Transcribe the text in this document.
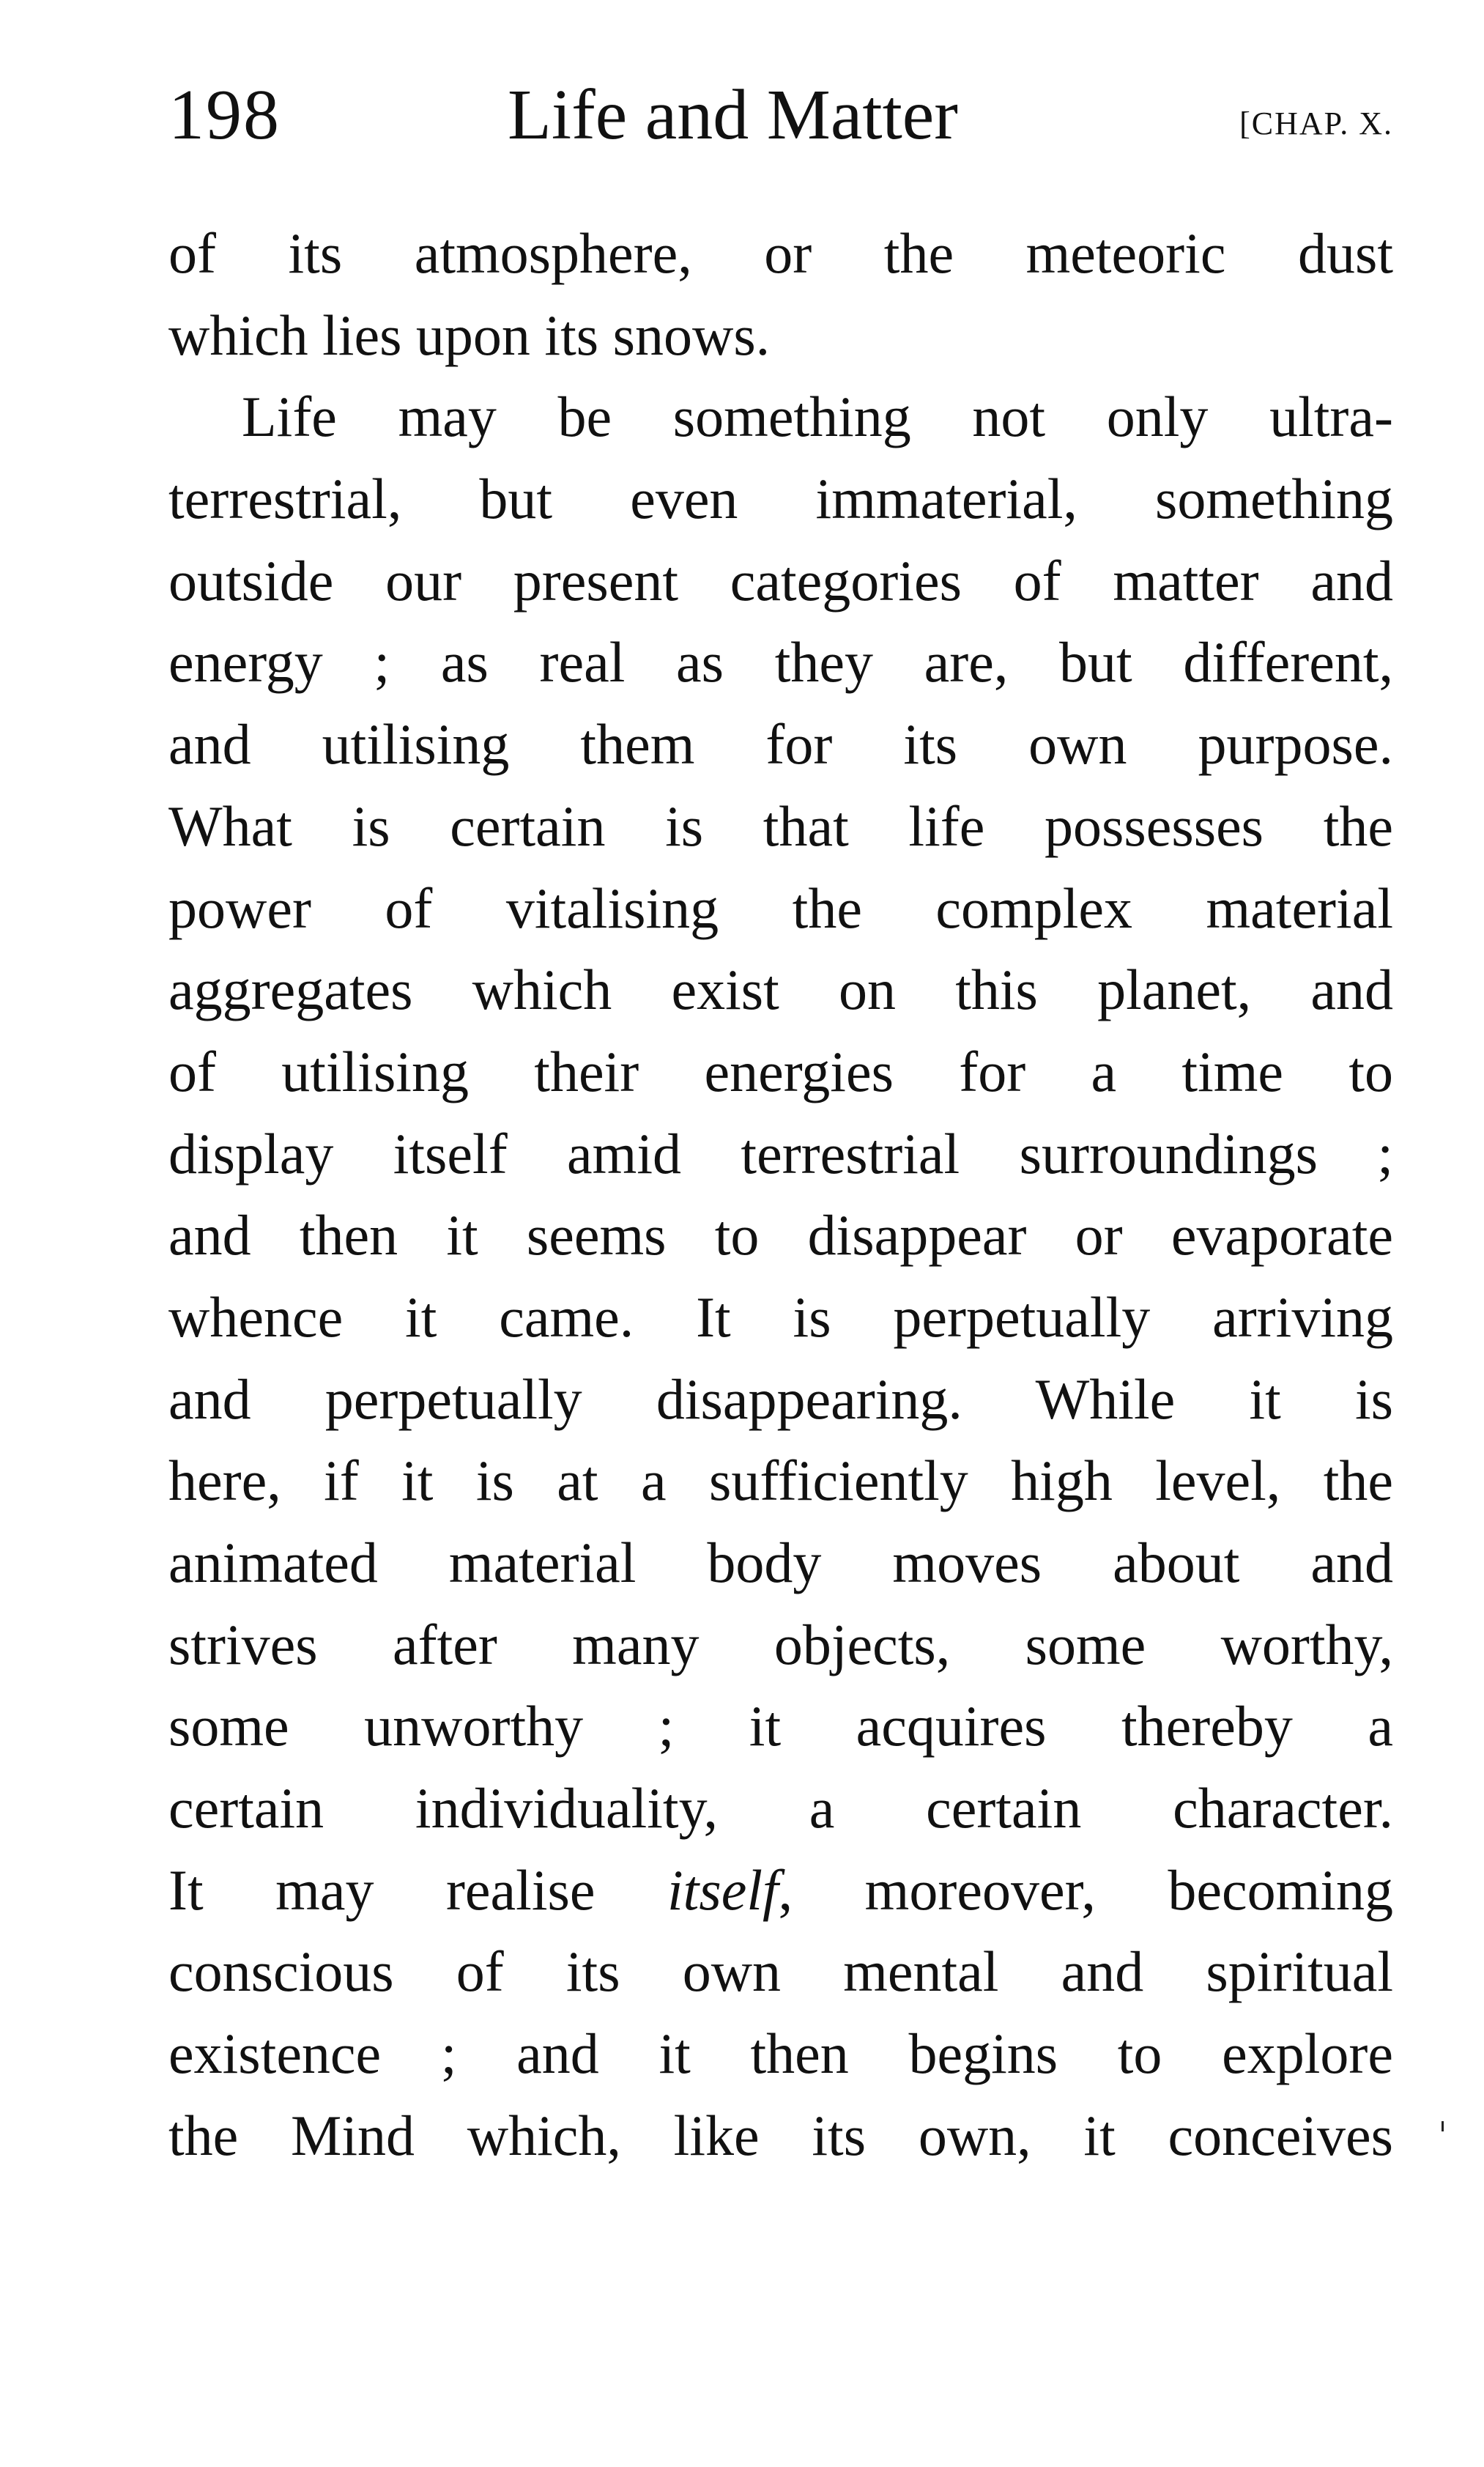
198	Life and Matter	[CHAP. X.
of its atmosphere, or the meteoric dust
which lies upon its snows.
Life may be something not only ultra-
terrestrial, but even immaterial, something
outside our present categories of matter and
energy ; as real as they are, but different,
and utilising them for its own purpose.
What is certain is that life possesses the
power of vitalising the complex material
aggregates which exist on this planet, and
of utilising their energies for a time to
display itself amid terrestrial surroundings ;
and then it seems to disappear or evaporate
whence it came. It is perpetually arriving
and perpetually disappearing. While it is
here, if it is at a sufficiently high level, the
animated material body moves about and
strives after many objects, some worthy,
some unworthy ; it acquires thereby a
certain individuality, a certain character.
It may realise itself, moreover, becoming
conscious of its own mental and spiritual
existence ; and it then begins to explore
the Mind which, like its own, it conceives
